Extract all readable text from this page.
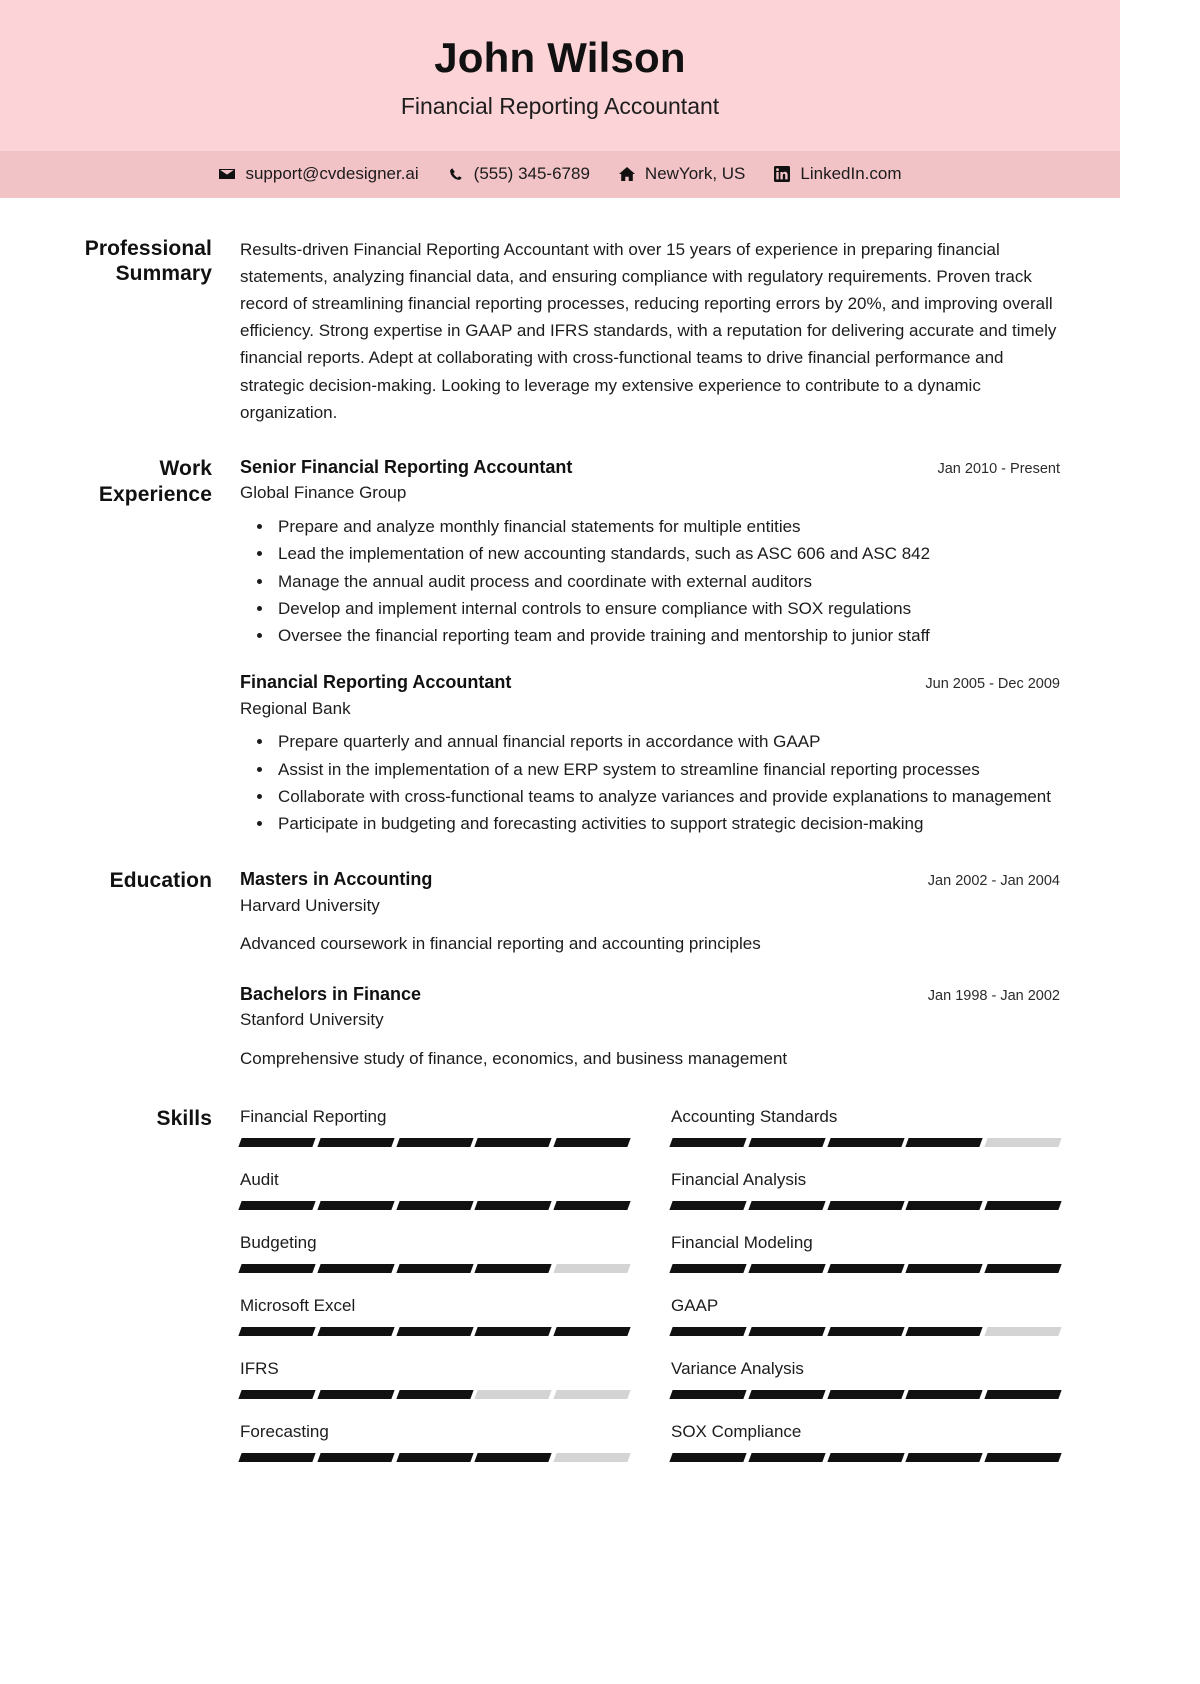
John Wilson
Financial Reporting Accountant
support@cvdesigner.ai	(555) 345-6789	NewYork, US	LinkedIn.com
Professional Summary

Results-driven Financial Reporting Accountant with over 15 years of experience in preparing financial statements, analyzing financial data, and ensuring compliance with regulatory requirements. Proven track record of streamlining financial reporting processes, reducing reporting errors by 20%, and improving overall efficiency. Strong expertise in GAAP and IFRS standards, with a reputation for delivering accurate and timely financial reports. Adept at collaborating with cross-functional teams to drive financial performance and strategic decision-making. Looking to leverage my extensive experience to contribute to a dynamic organization.

Work Experience
Senior Financial Reporting Accountant	Jan 2010 - Present
Global Finance Group
• Prepare and analyze monthly financial statements for multiple entities
• Lead the implementation of new accounting standards, such as ASC 606 and ASC 842
• Manage the annual audit process and coordinate with external auditors
• Develop and implement internal controls to ensure compliance with SOX regulations
• Oversee the financial reporting team and provide training and mentorship to junior staff
Financial Reporting Accountant	Jun 2005 - Dec 2009
Regional Bank
• Prepare quarterly and annual financial reports in accordance with GAAP
• Assist in the implementation of a new ERP system to streamline financial reporting processes
• Collaborate with cross-functional teams to analyze variances and provide explanations to management
• Participate in budgeting and forecasting activities to support strategic decision-making
Education	Masters in Accounting	Jan 2002 - Jan 2004
Harvard University
Advanced coursework in financial reporting and accounting principles
Bachelors in Finance	Jan 1998 - Jan 2002
Stanford University
Comprehensive study of finance, economics, and business management
Skills	Financial Reporting	Accounting Standards
Audit	Financial Analysis
Budgeting	Financial Modeling
Microsoft Excel	GAAP
IFRS	Variance Analysis
Forecasting	SOX Compliance
